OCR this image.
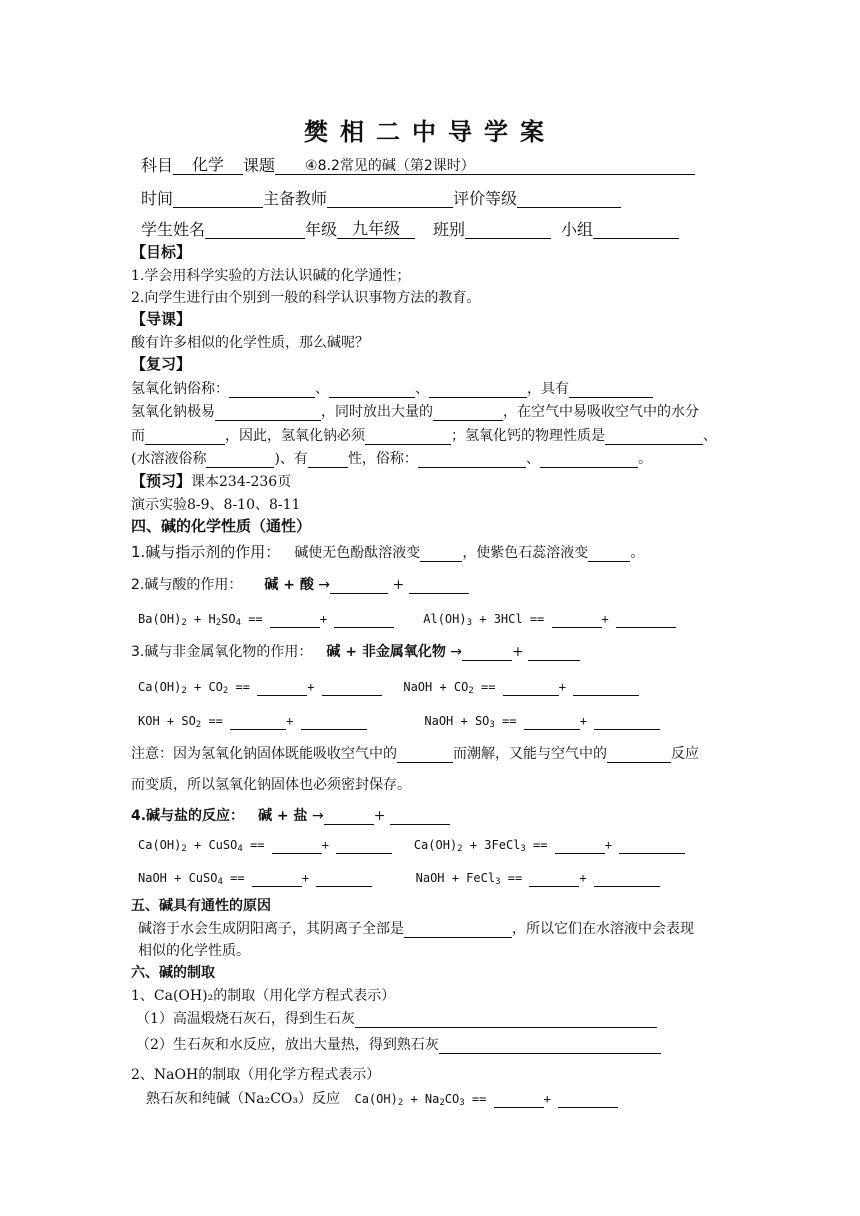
樊相二中导学案
科目 化学 课题 ④8.2常见的碱（第2课时）
时间	主备教师	评价等级
学生姓名	年级 九年级 班别	小组
【目标】
1.学会用科学实验的方法认识碱的化学通性；
2.向学生进行由个别到一般的科学认识事物方法的教育。
【导课】
酸有许多相似的化学性质，那么碱呢？
【复习】
氢氧化钠俗称：	、	、	，具有
氢氧化钠极易	，同时放出大量的	，在空气中易吸收空气中的水分
而	，因此，氢氧化钠必须	；氢氧化钙的物理性质是	、
(水溶液俗称	)、有	性，俗称：	、	。
【预习】课本234-236页
演示实验8-9、8-10、8-11
四、碱的化学性质（通性）
1.碱与指示剂的作用： 碱使无色酚酞溶液变	，使紫色石蕊溶液变	。
2.碱与酸的作用： 碱 + 酸 →	+
$Ba(OH)_2 + H_2SO_4$ ==	+	$Al(OH)_3 + 3HCl$ ==	+
3.碱与非金属氧化物的作用： 碱 + 非金属氧化物 →	+
$Ca(OH)_2 + CO_2$ ==	+	NaOH + $CO_2$ ==	+
KOH + $SO_2$ ==	+	NaOH + $SO_3$ ==	+
注意：因为氢氧化钠固体既能吸收空气中的	而潮解，又能与空气中的	反应
而变质，所以氢氧化钠固体也必须密封保存。
4.碱与盐的反应： 碱 + 盐 →	+
$Ca(OH)_2$ + CuSO$_4$ ==	+	$Ca(OH)_2$ + 3FeCl$_3$ ==	+
NaOH + CuSO$_4$ ==	+	NaOH + FeCl$_3$ ==	+
五、碱具有通性的原因
碱溶于水会生成阴阳离子，其阴离子全部是	，所以它们在水溶液中会表现
相似的化学性质。
六、碱的制取
1、Ca(OH)₂的制取（用化学方程式表示）
（1）高温煅烧石灰石，得到生石灰
（2）生石灰和水反应，放出大量热，得到熟石灰
2、NaOH的制取（用化学方程式表示）
熟石灰和纯碱（Na₂CO₃）反应  $Ca(OH)_2 + Na_2CO_3$ ==	+
